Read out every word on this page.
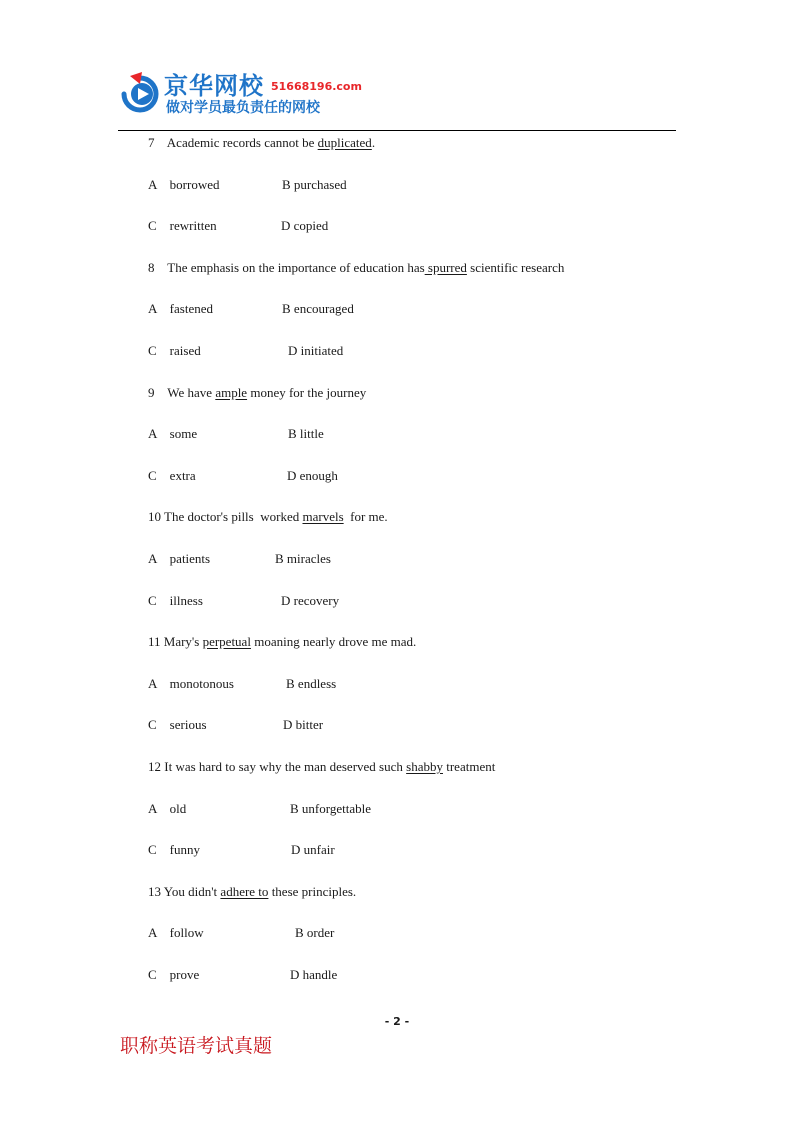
京华网校 51668196.com
做对学员最负责任的网校
7    Academic records cannot be duplicated.
A    borrowed	B purchased
C    rewritten	D copied
8    The emphasis on the importance of education has spurred scientific research
A    fastened	B encouraged
C    raised	D initiated
9    We have ample money for the journey
A    some	B little
C    extra	D enough
10 The doctor's pills  worked marvels  for me.
A    patients	B miracles
C    illness	D recovery
11 Mary's perpetual moaning nearly drove me mad.
A    monotonous	B endless
C    serious	D bitter
12 It was hard to say why the man deserved such shabby treatment
A    old	B unforgettable
C    funny	D unfair
13 You didn't adhere to these principles.
A    follow	B order
C    prove	D handle
- 2 -
职称英语考试真题
